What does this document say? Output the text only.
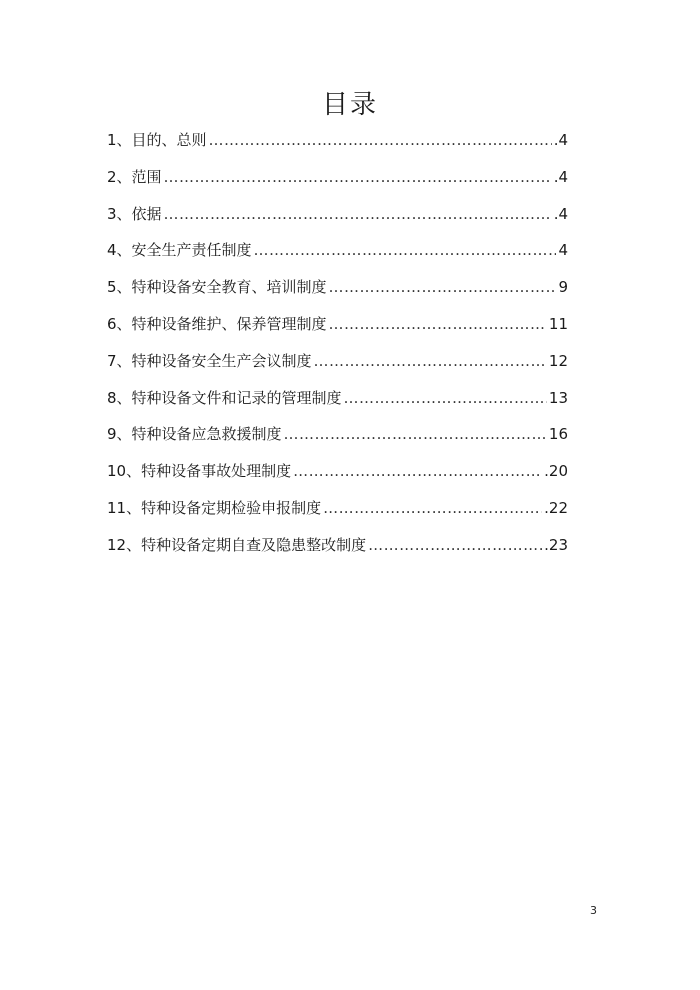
目录
1、目的、总则 ………………………………………………………………………………………………………………………………………………………………	.4
2、范围 ………………………………………………………………………………………………………………………………………………………………	.4
3、依据 ………………………………………………………………………………………………………………………………………………………………	.4
4、安全生产责任制度 ………………………………………………………………………………………………………………………………………………………………	4
5、特种设备安全教育、培训制度 ………………………………………………………………………………………………………………………………………………………………	9
6、特种设备维护、保养管理制度 ………………………………………………………………………………………………………………………………………………………………	11
7、特种设备安全生产会议制度 ………………………………………………………………………………………………………………………………………………………………	12
8、特种设备文件和记录的管理制度 ………………………………………………………………………………………………………………………………………………………………	13
9、特种设备应急救援制度 ………………………………………………………………………………………………………………………………………………………………	16
10、特种设备事故处理制度 ………………………………………………………………………………………………………………………………………………………………	.20
11、特种设备定期检验申报制度 ………………………………………………………………………………………………………………………………………………………………	.22
12、特种设备定期自查及隐患整改制度 ………………………………………………………………………………………………………………………………………………………………	.23
3
